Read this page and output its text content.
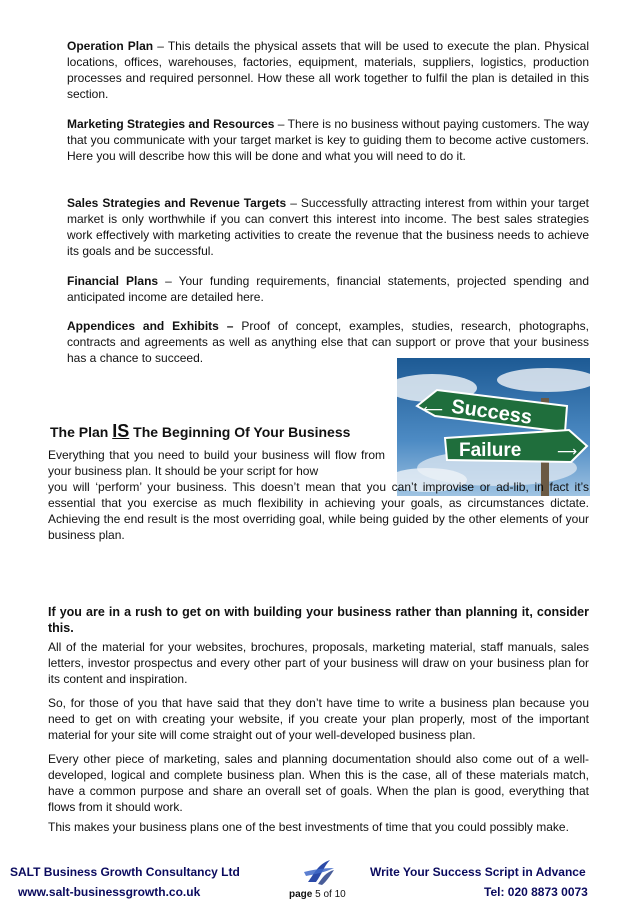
Operation Plan – This details the physical assets that will be used to execute the plan. Physical locations, offices, warehouses, factories, equipment, materials, suppliers, logistics, production processes and required personnel. How these all work together to fulfil the plan is detailed in this section.

Marketing Strategies and Resources – There is no business without paying customers. The way that you communicate with your target market is key to guiding them to become active customers. Here you will describe how this will be done and what you will need to do it.

Sales Strategies and Revenue Targets – Successfully attracting interest from within your target market is only worthwhile if you can convert this interest into income. The best sales strategies work effectively with marketing activities to create the revenue that the business needs to achieve its goals and be successful.

Financial Plans – Your funding requirements, financial statements, projected spending and anticipated income are detailed here.

Appendices and Exhibits – Proof of concept, examples, studies, research, photographs, contracts and agreements as well as anything else that can support or prove that your business has a chance to succeed.

Success
Failure
⟵
⟶
The Plan IS The Beginning Of Your Business

Everything that you need to build your business will flow from your business plan. It should be your script for how

you will ‘perform’ your business. This doesn’t mean that you can’t improvise or ad-lib, in fact it’s essential that you exercise as much flexibility in achieving your goals, as circumstances dictate. Achieving the end result is the most overriding goal, while being guided by the other elements of your business plan.

If you are in a rush to get on with building your business rather than planning it, consider this.

All of the material for your websites, brochures, proposals, marketing material, staff manuals, sales letters, investor prospectus and every other part of your business will draw on your business plan for its content and inspiration.

So, for those of you that have said that they don’t have time to write a business plan because you need to get on with creating your website, if you create your plan properly, most of the important material for your site will come straight out of your well-developed business plan.

Every other piece of marketing, sales and planning documentation should also come out of a well-developed, logical and complete business plan. When this is the case, all of these materials match, have a common purpose and share an overall set of goals. When the plan is good, everything that flows from it should work.

This makes your business plans one of the best investments of time that you could possibly make.

SALT Business Growth Consultancy Ltd
www.salt-businessgrowth.co.uk	page 5 of 10
Write Your Success Script in Advance
Tel: 020 8873 0073
